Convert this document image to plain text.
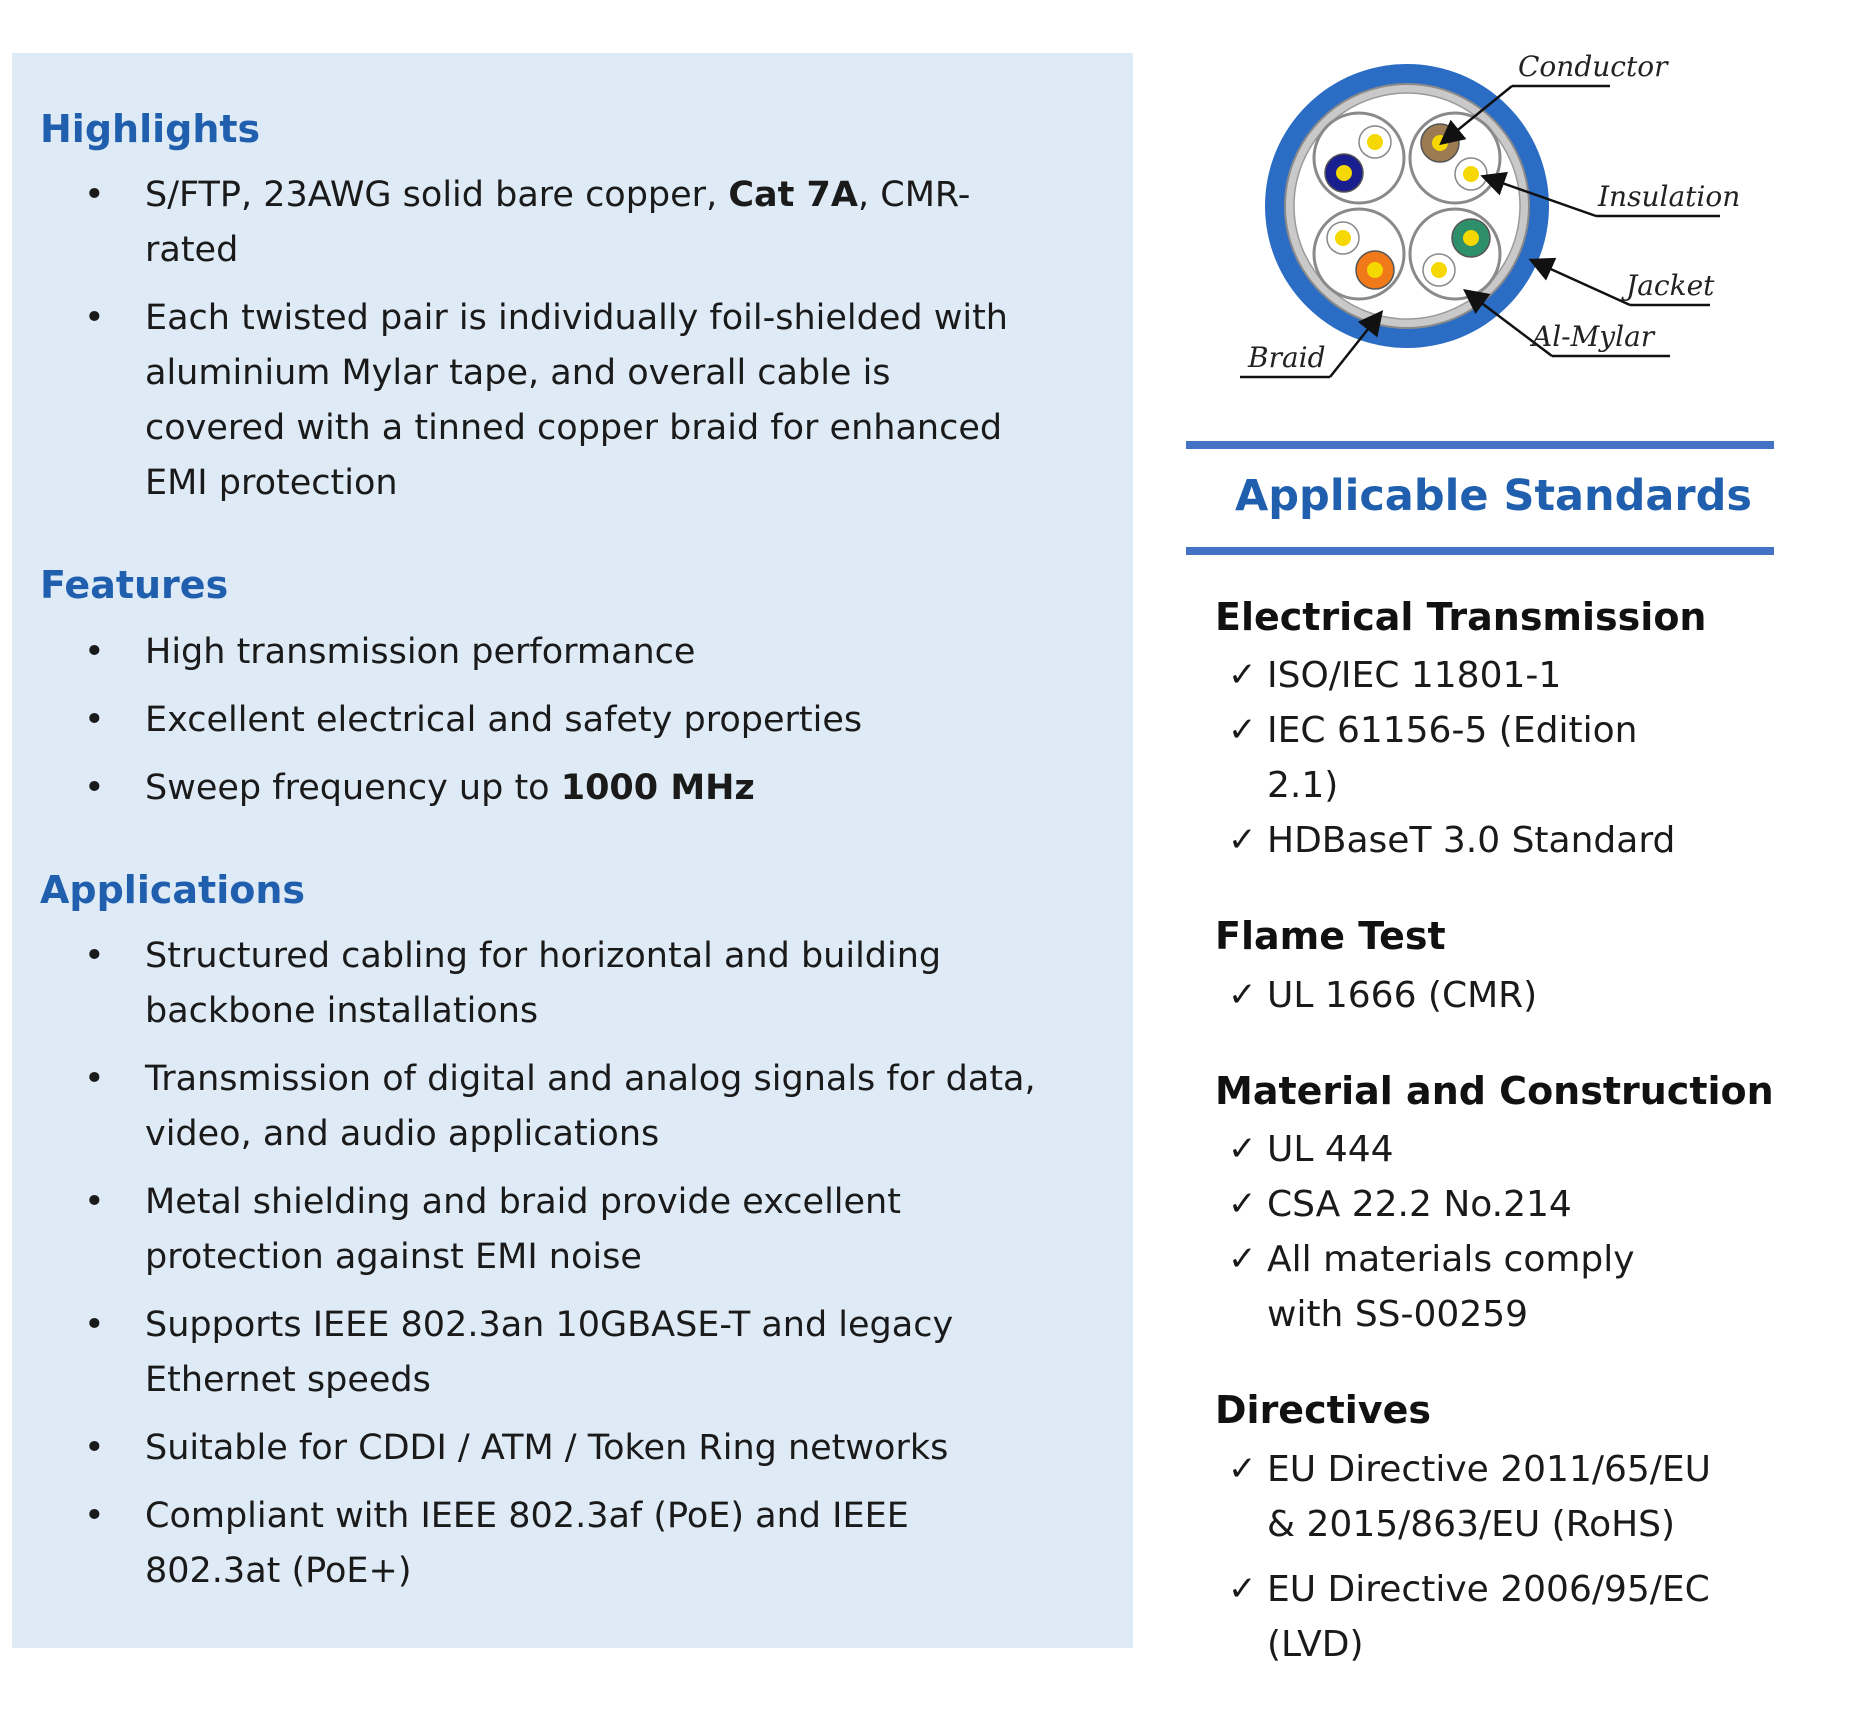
Highlights
• S/FTP, 23AWG solid bare copper, Cat 7A, CMR-rated
• Each twisted pair is individually foil-shielded with aluminium Mylar tape, and overall cable is covered with a tinned copper braid for enhanced EMI protection
Features
• High transmission performance
• Excellent electrical and safety properties
• Sweep frequency up to 1000 MHz
Applications
• Structured cabling for horizontal and building backbone installations
• Transmission of digital and analog signals for data, video, and audio applications
• Metal shielding and braid provide excellent protection against EMI noise
• Supports IEEE 802.3an 10GBASE-T and legacy Ethernet speeds
• Suitable for CDDI / ATM / Token Ring networks
• Compliant with IEEE 802.3af (PoE) and IEEE 802.3at (PoE+)
Conductor
Insulation
Jacket
Al-Mylar
Braid
Applicable Standards
Electrical Transmission
✓ ISO/IEC 11801-1
✓ IEC 61156-5 (Edition 2.1)
✓ HDBaseT 3.0 Standard
Flame Test
✓ UL 1666 (CMR)
Material and Construction
✓ UL 444
✓ CSA 22.2 No.214
✓ All materials comply with SS-00259
Directives
✓ EU Directive 2011/65/EU & 2015/863/EU (RoHS)
✓ EU Directive 2006/95/EC (LVD)
